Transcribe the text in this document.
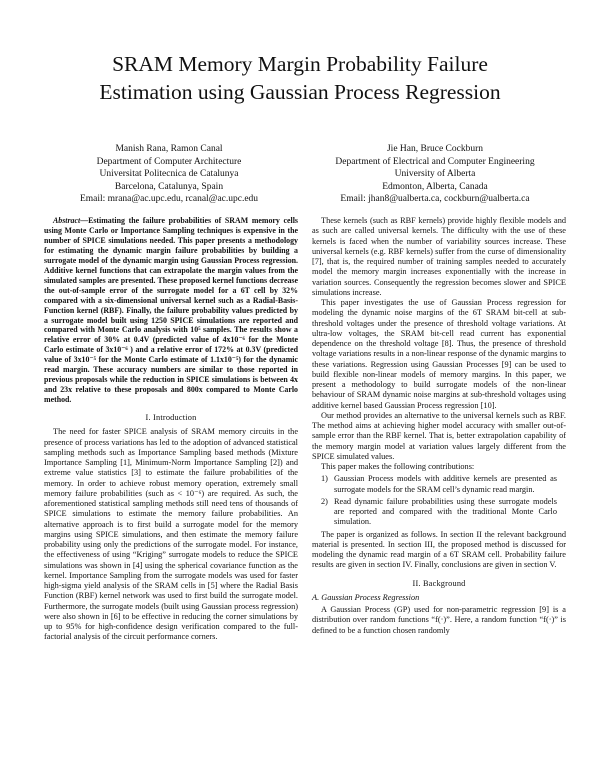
SRAM Memory Margin Probability Failure
Estimation using Gaussian Process Regression
Manish Rana, Ramon Canal
Department of Computer Architecture
Universitat Politecnica de Catalunya
Barcelona, Catalunya, Spain
Email: mrana@ac.upc.edu, rcanal@ac.upc.edu
Jie Han, Bruce Cockburn
Department of Electrical and Computer Engineering
University of Alberta
Edmonton, Alberta, Canada
Email: jhan8@ualberta.ca, cockburn@ualberta.ca

Abstract—Estimating the failure probabilities of SRAM memory cells using Monte Carlo or Importance Sampling techniques is expensive in the number of SPICE simulations needed. This paper presents a methodology for estimating the dynamic margin failure probabilities by building a surrogate model of the dynamic margin using Gaussian Process regression. Additive kernel functions that can extrapolate the margin values from the simulated samples are presented. These proposed kernel functions decrease the out-of-sample error of the surrogate model for a 6T cell by 32% compared with a six-dimensional universal kernel such as a Radial-Basis-Function kernel (RBF). Finally, the failure probability values predicted by a surrogate model built using 1250 SPICE simulations are reported and compared with Monte Carlo analysis with 10⁵ samples. The results show a relative error of 30% at 0.4V (predicted value of 4x10⁻⁶ for the Monte Carlo estimate of 3x10⁻⁶ ) and a relative error of 172% at 0.3V (predicted value of 3x10⁻⁵ for the Monte Carlo estimate of 1.1x10⁻⁵) for the dynamic read margin. These accuracy numbers are similar to those reported in previous proposals while the reduction in SPICE simulations is between 4x and 23x relative to these proposals and 800x compared to Monte Carlo method.

I. Introduction

The need for faster SPICE analysis of SRAM memory circuits in the presence of process variations has led to the adoption of advanced statistical sampling methods such as Importance Sampling based methods (Mixture Importance Sampling [1], Minimum-Norm Importance Sampling [2]) and extreme value statistics [3] to estimate the failure probabilities of the memory. In order to achieve robust memory operation, extremely small memory failure probabilities (such as < 10⁻⁶) are required. As such, the aforementioned statistical sampling methods still need tens of thousands of SPICE simulations to estimate the memory failure probabilities. An alternative approach is to first build a surrogate model for the memory margins using SPICE simulations, and then estimate the memory failure probability using only the predictions of the surrogate model. For instance, the effectiveness of using “Kriging” surrogate models to reduce the SPICE simulations was shown in [4] using the spherical covariance function as the kernel. Importance Sampling from the surrogate models was used for faster high-sigma yield analysis of the SRAM cells in [5] where the Radial Basis Function (RBF) kernel network was used to first build the surrogate model. Furthermore, the surrogate models (built using Gaussian process regression) were also shown in [6] to be effective in reducing the corner simulations by up to 95% for high-confidence design verification compared to the full-factorial analysis of the circuit performance corners.

These kernels (such as RBF kernels) provide highly flexible models and as such are called universal kernels. The difficulty with the use of these kernels is faced when the number of variability sources increase. These universal kernels (e.g. RBF kernels) suffer from the curse of dimensionality [7], that is, the required number of training samples needed to accurately model the memory margin increases exponentially with the increase in variation sources. Consequently the regression becomes slower and SPICE simulations increase.

This paper investigates the use of Gaussian Process regression for modeling the dynamic noise margins of the 6T SRAM bit-cell at sub-threshold voltages under the presence of threshold voltage variations. At ultra-low voltages, the SRAM bit-cell read current has exponential dependence on the threshold voltage [8]. Thus, the presence of threshold voltage variations results in a non-linear response of the dynamic margins to these variations. Regression using Gaussian Processes [9] can be used to build flexible non-linear models of memory margins. In this paper, we present a methodology to build surrogate models of the non-linear behaviour of SRAM dynamic noise margins at sub-threshold voltages using additive kernel based Gaussian Process regression [10].

Our method provides an alternative to the universal kernels such as RBF. The method aims at achieving higher model accuracy with smaller out-of-sample error than the RBF kernel. That is, better extrapolation capability of the memory margin model at variation values largely different from the SPICE simulated values.

This paper makes the following contributions:

1) Gaussian Process models with additive kernels are presented as surrogate models for the SRAM cell’s dynamic read margin.
2) Read dynamic failure probabilities using these surrogate models are reported and compared with the traditional Monte Carlo simulation.

The paper is organized as follows. In section II the relevant background material is presented. In section III, the proposed method is discussed for modeling the dynamic read margin of a 6T SRAM cell. Probability failure results are given in section IV. Finally, conclusions are given in section V.

II. Background
A. Gaussian Process Regression

A Gaussian Process (GP) used for non-parametric regression [9] is a distribution over random functions “f(·)”. Here, a random function “f(·)” is defined to be a function chosen randomly
